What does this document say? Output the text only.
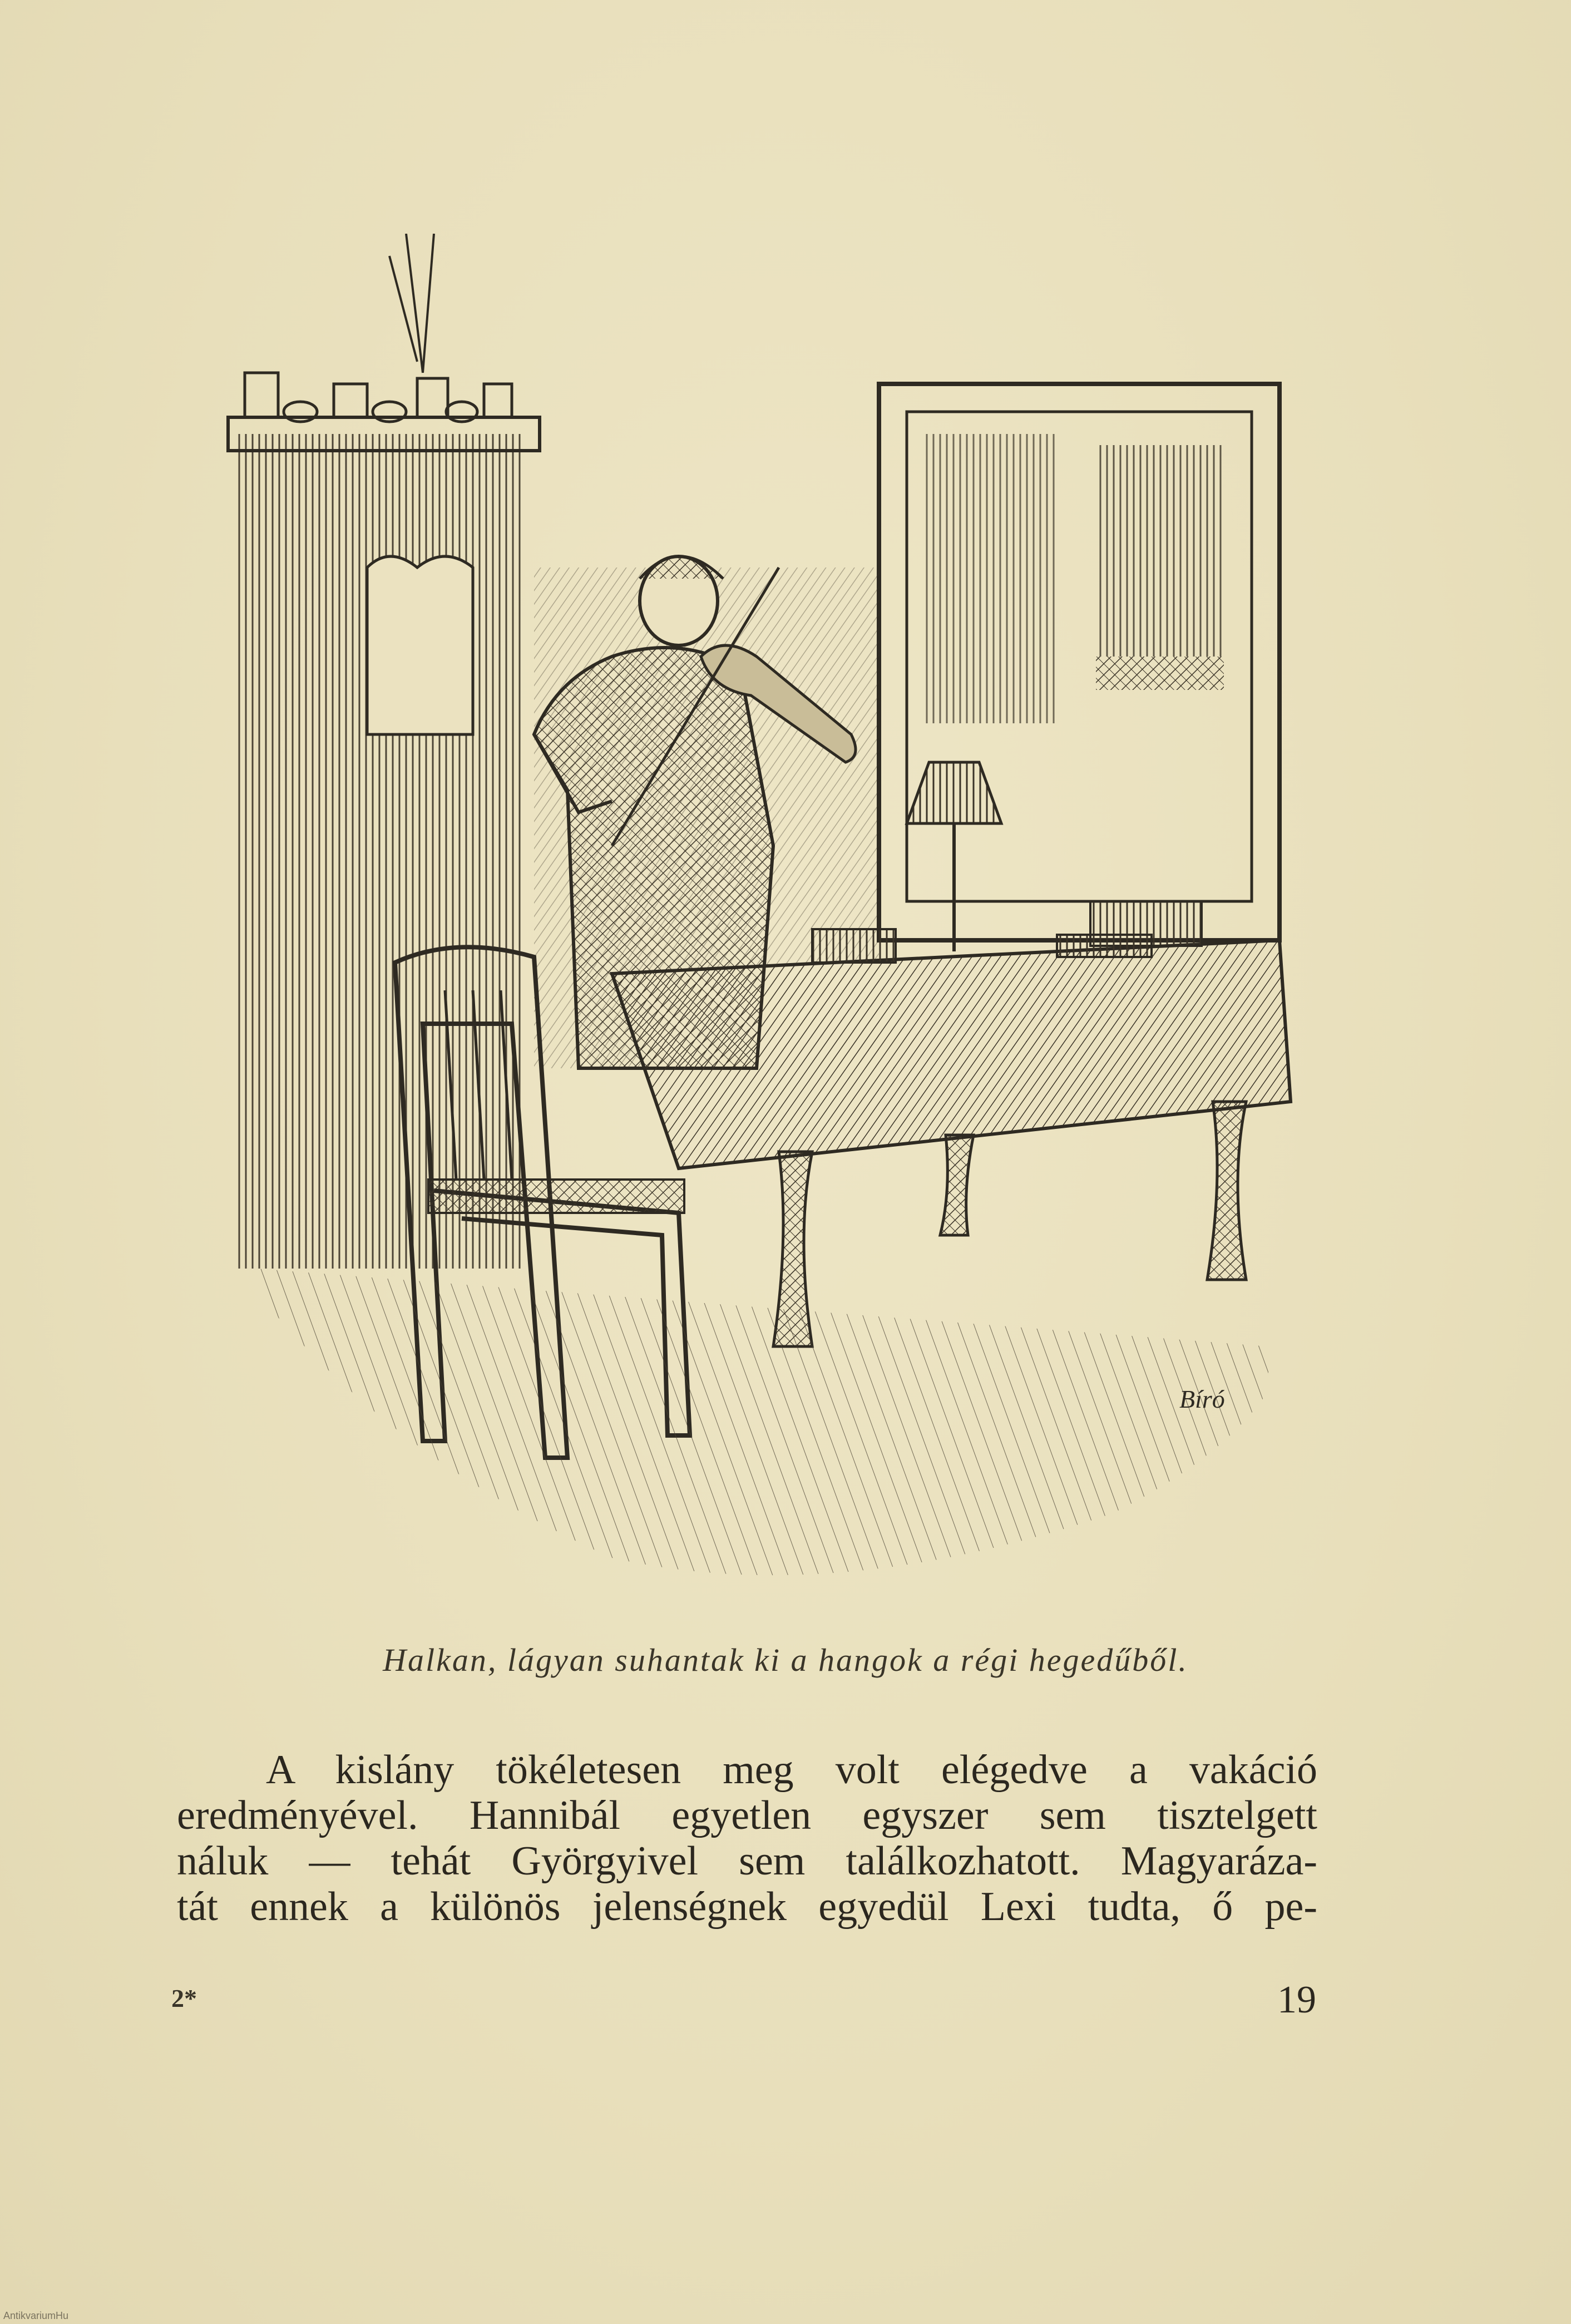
Bíró
Halkan, lágyan suhantak ki a hangok a régi hegedűből.
A kislány tökéletesen meg volt elégedve a vakáció
eredményével. Hannibál egyetlen egyszer sem tisztelgett
náluk — tehát Györgyivel sem találkozhatott. Magyaráza-
tát ennek a különös jelenségnek egyedül Lexi tudta, ő pe-
2*	19
AntikvariumHu
